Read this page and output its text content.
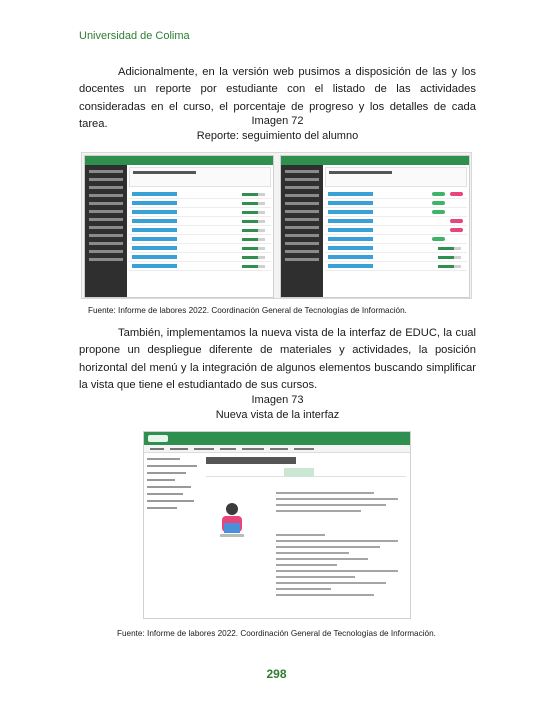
Universidad de Colima

Adicionalmente, en la versión web pusimos a disposición de las y los docentes un reporte por estudiante con el listado de las actividades consideradas en el curso, el porcentaje de progreso y los detalles de cada tarea.	Imagen 72
Reporte: seguimiento del alumno
Fuente: Informe de labores 2022. Coordinación General de Tecnologías de Información.

También, implementamos la nueva vista de la interfaz de EDUC, la cual propone un despliegue diferente de materiales y actividades, la posición horizontal del menú y la integración de algunos elementos buscando simplificar la vista que tiene el estudiantado de sus cursos.

Imagen 73
Nueva vista de la interfaz
Fuente: Informe de labores 2022. Coordinación General de Tecnologías de Información.
298
